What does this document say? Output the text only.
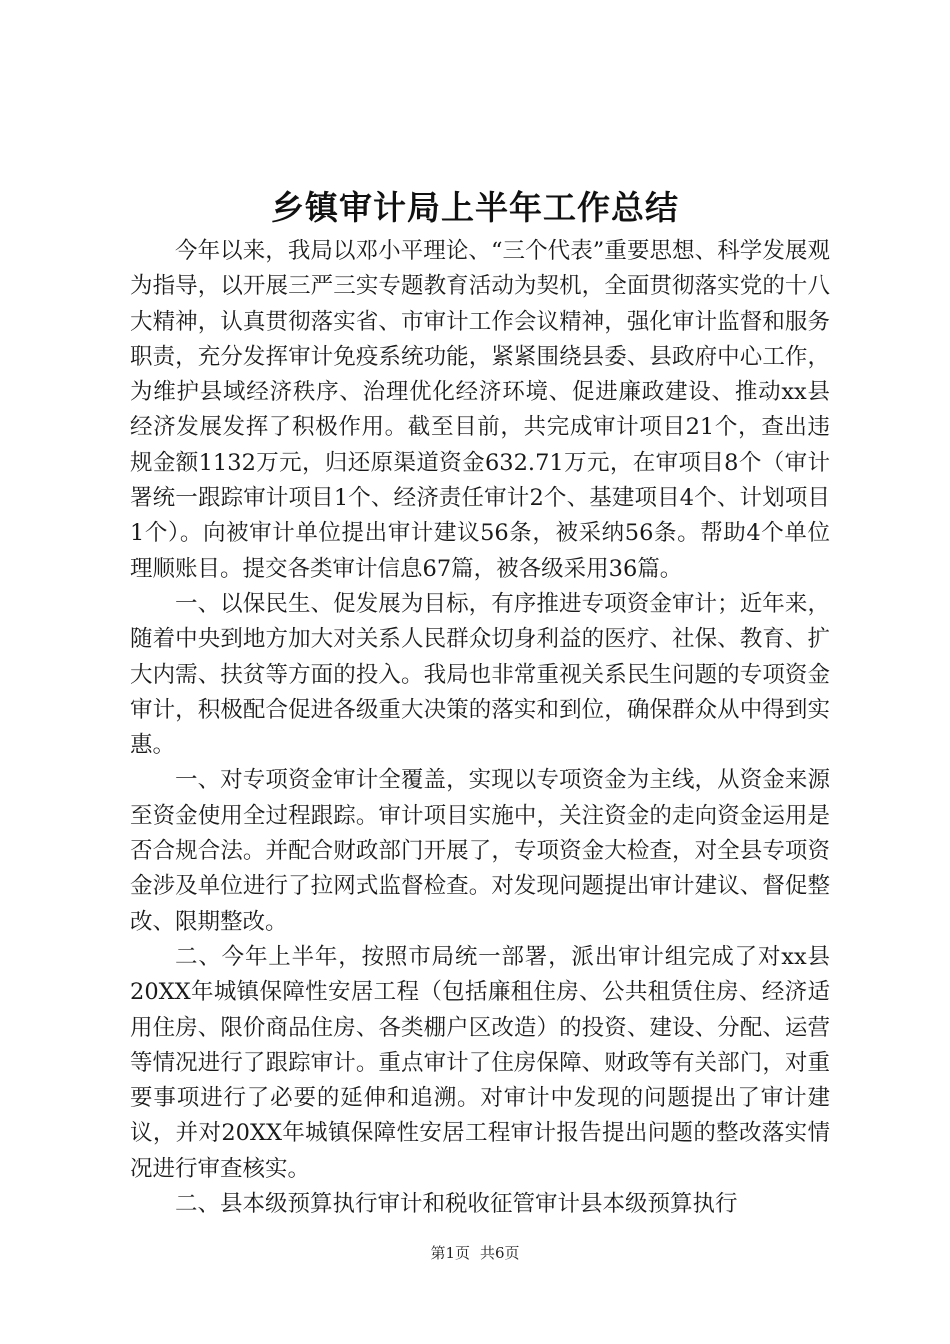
乡镇审计局上半年工作总结

今年以来，我局以邓小平理论、“三个代表”重要思想、科学发展观为指导，以开展三严三实专题教育活动为契机，全面贯彻落实党的十八大精神，认真贯彻落实省、市审计工作会议精神，强化审计监督和服务职责，充分发挥审计免疫系统功能，紧紧围绕县委、县政府中心工作，为维护县域经济秩序、治理优化经济环境、促进廉政建设、推动xx县经济发展发挥了积极作用。截至目前，共完成审计项目21个，查出违规金额1132万元，归还原渠道资金632.71万元，在审项目8个（审计署统一跟踪审计项目1个、经济责任审计2个、基建项目4个、计划项目1个）。向被审计单位提出审计建议56条，被采纳56条。帮助4个单位理顺账目。提交各类审计信息67篇，被各级采用36篇。

一、以保民生、促发展为目标，有序推进专项资金审计；近年来，随着中央到地方加大对关系人民群众切身利益的医疗、社保、教育、扩大内需、扶贫等方面的投入。我局也非常重视关系民生问题的专项资金审计，积极配合促进各级重大决策的落实和到位，确保群众从中得到实惠。

一、对专项资金审计全覆盖，实现以专项资金为主线，从资金来源至资金使用全过程跟踪。审计项目实施中，关注资金的走向资金运用是否合规合法。并配合财政部门开展了，专项资金大检查，对全县专项资金涉及单位进行了拉网式监督检查。对发现问题提出审计建议、督促整改、限期整改。

二、今年上半年，按照市局统一部署，派出审计组完成了对xx县20XX年城镇保障性安居工程（包括廉租住房、公共租赁住房、经济适用住房、限价商品住房、各类棚户区改造）的投资、建设、分配、运营等情况进行了跟踪审计。重点审计了住房保障、财政等有关部门，对重要事项进行了必要的延伸和追溯。对审计中发现的问题提出了审计建议，并对20XX年城镇保障性安居工程审计报告提出问题的整改落实情况进行审查核实。

二、县本级预算执行审计和税收征管审计县本级预算执行

第1页 共6页
